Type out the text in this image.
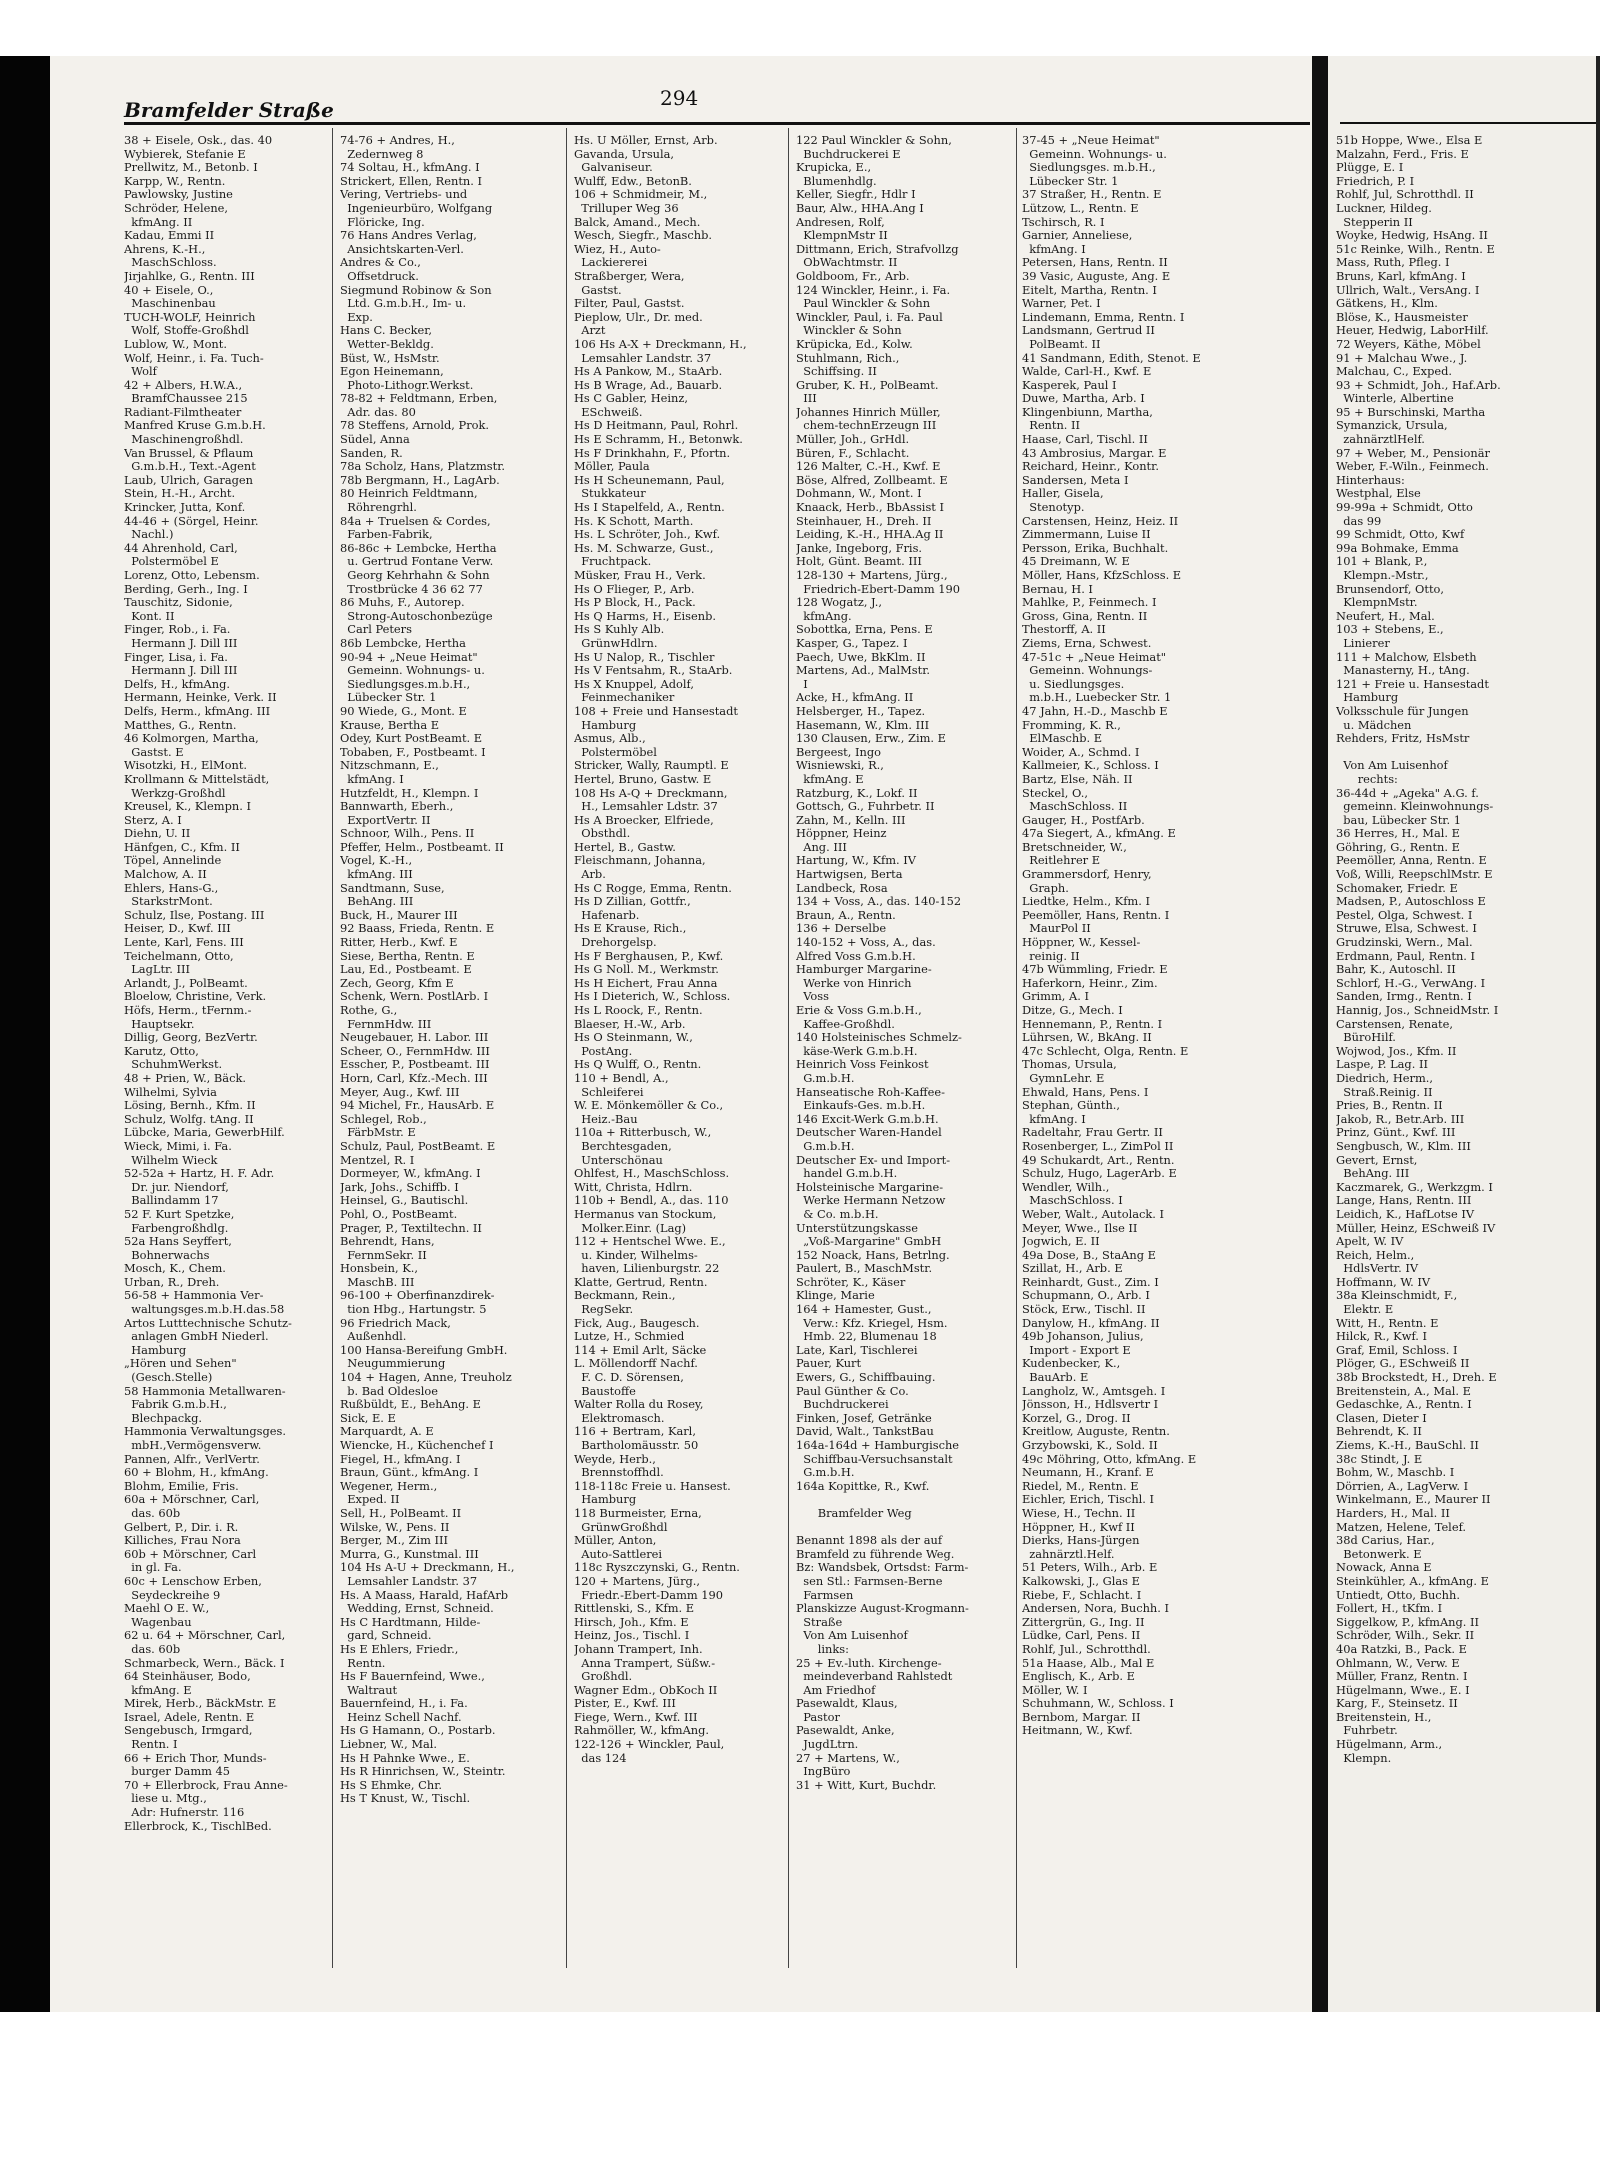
Bramfelder Straße	294
38 + Eisele, Osk., das. 40
Wybierek, Stefanie E
Prellwitz, M., Betonb. I
Karpp, W., Rentn.
Pawlowsky, Justine
Schröder, Helene,
kfmAng. II
Kadau, Emmi II
Ahrens, K.-H.,
MaschSchloss.
Jirjahlke, G., Rentn. III
40 + Eisele, O.,
Maschinenbau
TUCH-WOLF, Heinrich
Wolf, Stoffe-Großhdl
Lublow, W., Mont.
Wolf, Heinr., i. Fa. Tuch-
Wolf
42 + Albers, H.W.A.,
BramfChaussee 215
Radiant-Filmtheater
Manfred Kruse G.m.b.H.
Maschinengroßhdl.
Van Brussel, & Pflaum
G.m.b.H., Text.-Agent
Laub, Ulrich, Garagen
Stein, H.-H., Archt.
Krincker, Jutta, Konf.
44-46 + (Sörgel, Heinr.
Nachl.)
44 Ahrenhold, Carl,
Polstermöbel E
Lorenz, Otto, Lebensm.
Berding, Gerh., Ing. I
Tauschitz, Sidonie,
Kont. II
Finger, Rob., i. Fa.
Hermann J. Dill III
Finger, Lisa, i. Fa.
Hermann J. Dill III
Delfs, H., kfmAng.
Hermann, Heinke, Verk. II
Delfs, Herm., kfmAng. III
Matthes, G., Rentn.
46 Kolmorgen, Martha,
Gastst. E
Wisotzki, H., ElMont.
Krollmann & Mittelstädt,
Werkzg-Großhdl
Kreusel, K., Klempn. I
Sterz, A. I
Diehn, U. II
Hänfgen, C., Kfm. II
Töpel, Annelinde
Malchow, A. II
Ehlers, Hans-G.,
StarkstrMont.
Schulz, Ilse, Postang. III
Heiser, D., Kwf. III
Lente, Karl, Fens. III
Teichelmann, Otto,
LagLtr. III
Arlandt, J., PolBeamt.
Bloelow, Christine, Verk.
Höfs, Herm., tFernm.-
Hauptsekr.
Dillig, Georg, BezVertr.
Karutz, Otto,
SchuhmWerkst.
48 + Prien, W., Bäck.
Wilhelmi, Sylvia
Lösing, Bernh., Kfm. II
Schulz, Wolfg. tAng. II
Lübcke, Maria, GewerbHilf.
Wieck, Mimi, i. Fa.
Wilhelm Wieck
52-52a + Hartz, H. F. Adr.
Dr. jur. Niendorf,
Ballindamm 17
52 F. Kurt Spetzke,
Farbengroßhdlg.
52a Hans Seyffert,
Bohnerwachs
Mosch, K., Chem.
Urban, R., Dreh.
56-58 + Hammonia Ver-
waltungsges.m.b.H.das.58
Artos Lutttechnische Schutz-
anlagen GmbH Niederl.
Hamburg
„Hören und Sehen"
(Gesch.Stelle)
58 Hammonia Metallwaren-
Fabrik G.m.b.H.,
Blechpackg.
Hammonia Verwaltungsges.
mbH.,Vermögensverw.
Pannen, Alfr., VerlVertr.
60 + Blohm, H., kfmAng.
Blohm, Emilie, Fris.
60a + Mörschner, Carl,
das. 60b
Gelbert, P., Dir. i. R.
Killiches, Frau Nora
60b + Mörschner, Carl
in gl. Fa.
60c + Lenschow Erben,
Seydeckreihe 9
Maehl O E. W.,
Wagenbau
62 u. 64 + Mörschner, Carl,
das. 60b
Schmarbeck, Wern., Bäck. I
64 Steinhäuser, Bodo,
kfmAng. E
Mirek, Herb., BäckMstr. E
Israel, Adele, Rentn. E
Sengebusch, Irmgard,
Rentn. I
66 + Erich Thor, Munds-
burger Damm 45
70 + Ellerbrock, Frau Anne-
liese u. Mtg.,
Adr: Hufnerstr. 116
Ellerbrock, K., TischlBed.
74-76 + Andres, H.,
Zedernweg 8
74 Soltau, H., kfmAng. I
Strickert, Ellen, Rentn. I
Vering, Vertriebs- und
Ingenieurbüro, Wolfgang
Flöricke, Ing.
76 Hans Andres Verlag,
Ansichtskarten-Verl.
Andres & Co.,
Offsetdruck.
Siegmund Robinow & Son
Ltd. G.m.b.H., Im- u.
Exp.
Hans C. Becker,
Wetter-Bekldg.
Büst, W., HsMstr.
Egon Heinemann,
Photo-Lithogr.Werkst.
78-82 + Feldtmann, Erben,
Adr. das. 80
78 Steffens, Arnold, Prok.
Südel, Anna
Sanden, R.
78a Scholz, Hans, Platzmstr.
78b Bergmann, H., LagArb.
80 Heinrich Feldtmann,
Röhrengrhl.
84a + Truelsen & Cordes,
Farben-Fabrik,
86-86c + Lembcke, Hertha
u. Gertrud Fontane Verw.
Georg Kehrhahn & Sohn
Trostbrücke 4 36 62 77
86 Muhs, F., Autorep.
Strong-Autoschonbezüge
Carl Peters
86b Lembcke, Hertha
90-94 + „Neue Heimat"
Gemeinn. Wohnungs- u.
Siedlungsges.m.b.H.,
Lübecker Str. 1
90 Wiede, G., Mont. E
Krause, Bertha E
Odey, Kurt PostBeamt. E
Tobaben, F., Postbeamt. I
Nitzschmann, E.,
kfmAng. I
Hutzfeldt, H., Klempn. I
Bannwarth, Eberh.,
ExportVertr. II
Schnoor, Wilh., Pens. II
Pfeffer, Helm., Postbeamt. II
Vogel, K.-H.,
kfmAng. III
Sandtmann, Suse,
BehAng. III
Buck, H., Maurer III
92 Baass, Frieda, Rentn. E
Ritter, Herb., Kwf. E
Siese, Bertha, Rentn. E
Lau, Ed., Postbeamt. E
Zech, Georg, Kfm E
Schenk, Wern. PostlArb. I
Rothe, G.,
FernmHdw. III
Neugebauer, H. Labor. III
Scheer, O., FernmHdw. III
Esscher, P., Postbeamt. III
Horn, Carl, Kfz.-Mech. III
Meyer, Aug., Kwf. III
94 Michel, Fr., HausArb. E
Schlegel, Rob.,
FärbMstr. E
Schulz, Paul, PostBeamt. E
Mentzel, R. I
Dormeyer, W., kfmAng. I
Jark, Johs., Schiffb. I
Heinsel, G., Bautischl.
Pohl, O., PostBeamt.
Prager, P., Textiltechn. II
Behrendt, Hans,
FernmSekr. II
Honsbein, K.,
MaschB. III
96-100 + Oberfinanzdirek-
tion Hbg., Hartungstr. 5
96 Friedrich Mack,
Außenhdl.
100 Hansa-Bereifung GmbH.
Neugummierung
104 + Hagen, Anne, Treuholz
b. Bad Oldesloe
Rußbüldt, E., BehAng. E
Sick, E. E
Marquardt, A. E
Wiencke, H., Küchenchef I
Fiegel, H., kfmAng. I
Braun, Günt., kfmAng. I
Wegener, Herm.,
Exped. II
Sell, H., PolBeamt. II
Wilske, W., Pens. II
Berger, M., Zim III
Murra, G., Kunstmal. III
104 Hs A-U + Dreckmann, H.,
Lemsahler Landstr. 37
Hs. A Maass, Harald, HafArb
Wedding, Ernst, Schneid.
Hs C Hardtmann, Hilde-
gard, Schneid.
Hs E Ehlers, Friedr.,
Rentn.
Hs F Bauernfeind, Wwe.,
Waltraut
Bauernfeind, H., i. Fa.
Heinz Schell Nachf.
Hs G Hamann, O., Postarb.
Liebner, W., Mal.
Hs H Pahnke Wwe., E.
Hs R Hinrichsen, W., Steintr.
Hs S Ehmke, Chr.
Hs T Knust, W., Tischl.
Hs. U Möller, Ernst, Arb.
Gavanda, Ursula,
Galvaniseur.
Wulff, Edw., BetonB.
106 + Schmidmeir, M.,
Trilluper Weg 36
Balck, Amand., Mech.
Wesch, Siegfr., Maschb.
Wiez, H., Auto-
Lackiererei
Straßberger, Wera,
Gastst.
Filter, Paul, Gastst.
Pieplow, Ulr., Dr. med.
Arzt
106 Hs A-X + Dreckmann, H.,
Lemsahler Landstr. 37
Hs A Pankow, M., StaArb.
Hs B Wrage, Ad., Bauarb.
Hs C Gabler, Heinz,
ESchweiß.
Hs D Heitmann, Paul, Rohrl.
Hs E Schramm, H., Betonwk.
Hs F Drinkhahn, F., Pfortn.
Möller, Paula
Hs H Scheunemann, Paul,
Stukkateur
Hs I Stapelfeld, A., Rentn.
Hs. K Schott, Marth.
Hs. L Schröter, Joh., Kwf.
Hs. M. Schwarze, Gust.,
Fruchtpack.
Müsker, Frau H., Verk.
Hs O Flieger, P., Arb.
Hs P Block, H., Pack.
Hs Q Harms, H., Eisenb.
Hs S Kuhly Alb.
GrünwHdlrn.
Hs U Nalop, R., Tischler
Hs V Fentsahm, R., StaArb.
Hs X Knuppel, Adolf,
Feinmechaniker
108 + Freie und Hansestadt
Hamburg
Asmus, Alb.,
Polstermöbel
Stricker, Wally, Raumptl. E
Hertel, Bruno, Gastw. E
108 Hs A-Q + Dreckmann,
H., Lemsahler Ldstr. 37
Hs A Broecker, Elfriede,
Obsthdl.
Hertel, B., Gastw.
Fleischmann, Johanna,
Arb.
Hs C Rogge, Emma, Rentn.
Hs D Zillian, Gottfr.,
Hafenarb.
Hs E Krause, Rich.,
Drehorgelsp.
Hs F Berghausen, P., Kwf.
Hs G Noll. M., Werkmstr.
Hs H Eichert, Frau Anna
Hs I Dieterich, W., Schloss.
Hs L Roock, F., Rentn.
Blaeser, H.-W., Arb.
Hs O Steinmann, W.,
PostAng.
Hs Q Wulff, O., Rentn.
110 + Bendl, A.,
Schleiferei
W. E. Mönkemöller & Co.,
Heiz.-Bau
110a + Ritterbusch, W.,
Berchtesgaden,
Unterschönau
Ohlfest, H., MaschSchloss.
Witt, Christa, Hdlrn.
110b + Bendl, A., das. 110
Hermanus van Stockum,
Molker.Einr. (Lag)
112 + Hentschel Wwe. E.,
u. Kinder, Wilhelms-
haven, Lilienburgstr. 22
Klatte, Gertrud, Rentn.
Beckmann, Rein.,
RegSekr.
Fick, Aug., Baugesch.
Lutze, H., Schmied
114 + Emil Arlt, Säcke
L. Möllendorff Nachf.
F. C. D. Sörensen,
Baustoffe
Walter Rolla du Rosey,
Elektromasch.
116 + Bertram, Karl,
Bartholomäusstr. 50
Weyde, Herb.,
Brennstoffhdl.
118-118c Freie u. Hansest.
Hamburg
118 Burmeister, Erna,
GrünwGroßhdl
Müller, Anton,
Auto-Sattlerei
118c Ryszczynski, G., Rentn.
120 + Martens, Jürg.,
Friedr.-Ebert-Damm 190
Rittlenski, S., Kfm. E
Hirsch, Joh., Kfm. E
Heinz, Jos., Tischl. I
Johann Trampert, Inh.
Anna Trampert, Süßw.-
Großhdl.
Wagner Edm., ObKoch II
Pister, E., Kwf. III
Fiege, Wern., Kwf. III
Rahmöller, W., kfmAng.
122-126 + Winckler, Paul,
das 124
122 Paul Winckler & Sohn,
Buchdruckerei E
Krupicka, E.,
Blumenhdlg.
Keller, Siegfr., Hdlr I
Baur, Alw., HHA.Ang I
Andresen, Rolf,
KlempnMstr II
Dittmann, Erich, Strafvollzg
ObWachtmstr. II
Goldboom, Fr., Arb.
124 Winckler, Heinr., i. Fa.
Paul Winckler & Sohn
Winckler, Paul, i. Fa. Paul
Winckler & Sohn
Krüpicka, Ed., Kolw.
Stuhlmann, Rich.,
Schiffsing. II
Gruber, K. H., PolBeamt.
III
Johannes Hinrich Müller,
chem-technErzeugn III
Müller, Joh., GrHdl.
Büren, F., Schlacht.
126 Malter, C.-H., Kwf. E
Böse, Alfred, Zollbeamt. E
Dohmann, W., Mont. I
Knaack, Herb., BbAssist I
Steinhauer, H., Dreh. II
Leiding, K.-H., HHA.Ag II
Janke, Ingeborg, Fris.
Holt, Günt. Beamt. III
128-130 + Martens, Jürg.,
Friedrich-Ebert-Damm 190
128 Wogatz, J.,
kfmAng.
Sobottka, Erna, Pens. E
Kasper, G., Tapez. I
Paech, Uwe, BkKlm. II
Martens, Ad., MalMstr.
I
Acke, H., kfmAng. II
Helsberger, H., Tapez.
Hasemann, W., Klm. III
130 Clausen, Erw., Zim. E
Bergeest, Ingo
Wisniewski, R.,
kfmAng. E
Ratzburg, K., Lokf. II
Gottsch, G., Fuhrbetr. II
Zahn, M., Kelln. III
Höppner, Heinz
Ang. III
Hartung, W., Kfm. IV
Hartwigsen, Berta
Landbeck, Rosa
134 + Voss, A., das. 140-152
Braun, A., Rentn.
136 + Derselbe
140-152 + Voss, A., das.
Alfred Voss G.m.b.H.
Hamburger Margarine-
Werke von Hinrich
Voss
Erie & Voss G.m.b.H.,
Kaffee-Großhdl.
140 Holsteinisches Schmelz-
käse-Werk G.m.b.H.
Heinrich Voss Feinkost
G.m.b.H.
Hanseatische Roh-Kaffee-
Einkaufs-Ges. m.b.H.
146 Excit-Werk G.m.b.H.
Deutscher Waren-Handel
G.m.b.H.
Deutscher Ex- und Import-
handel G.m.b.H.
Holsteinische Margarine-
Werke Hermann Netzow
& Co. m.b.H.
Unterstützungskasse
„Voß-Margarine" GmbH
152 Noack, Hans, Betrlng.
Paulert, B., MaschMstr.
Schröter, K., Käser
Klinge, Marie
164 + Hamester, Gust.,
Verw.: Kfz. Kriegel, Hsm.
Hmb. 22, Blumenau 18
Late, Karl, Tischlerei
Pauer, Kurt
Ewers, G., Schiffbauing.
Paul Günther & Co.
Buchdruckerei
Finken, Josef, Getränke
David, Walt., TankstBau
164a-164d + Hamburgische
Schiffbau-Versuchsanstalt
G.m.b.H.
164a Kopittke, R., Kwf.

Bramfelder Weg

Benannt 1898 als der auf
Bramfeld zu führende Weg.
Bz: Wandsbek, Ortsdst: Farm-
sen Stl.: Farmsen-Berne
Farmsen
Planskizze August-Krogmann-
Straße
Von Am Luisenhof
links:
25 + Ev.-luth. Kirchenge-
meindeverband Rahlstedt
Am Friedhof
Pasewaldt, Klaus,
Pastor
Pasewaldt, Anke,
JugdLtrn.
27 + Martens, W.,
IngBüro
31 + Witt, Kurt, Buchdr.
37-45 + „Neue Heimat"
Gemeinn. Wohnungs- u.
Siedlungsges. m.b.H.,
Lübecker Str. 1
37 Straßer, H., Rentn. E
Lützow, L., Rentn. E
Tschirsch, R. I
Garnier, Anneliese,
kfmAng. I
Petersen, Hans, Rentn. II
39 Vasic, Auguste, Ang. E
Eitelt, Martha, Rentn. I
Warner, Pet. I
Lindemann, Emma, Rentn. I
Landsmann, Gertrud II
PolBeamt. II
41 Sandmann, Edith, Stenot. E
Walde, Carl-H., Kwf. E
Kasperek, Paul I
Duwe, Martha, Arb. I
Klingenbiunn, Martha,
Rentn. II
Haase, Carl, Tischl. II
43 Ambrosius, Margar. E
Reichard, Heinr., Kontr.
Sandersen, Meta I
Haller, Gisela,
Stenotyp.
Carstensen, Heinz, Heiz. II
Zimmermann, Luise II
Persson, Erika, Buchhalt.
45 Dreimann, W. E
Möller, Hans, KfzSchloss. E
Bernau, H. I
Mahlke, P., Feinmech. I
Gross, Gina, Rentn. II
Thestorff, A. II
Ziems, Erna, Schwest.
47-51c + „Neue Heimat"
Gemeinn. Wohnungs-
u. Siedlungsges.
m.b.H., Luebecker Str. 1
47 Jahn, H.-D., Maschb E
Fromming, K. R.,
ElMaschb. E
Woider, A., Schmd. I
Kallmeier, K., Schloss. I
Bartz, Else, Näh. II
Steckel, O.,
MaschSchloss. II
Gauger, H., PostfArb.
47a Siegert, A., kfmAng. E
Bretschneider, W.,
Reitlehrer E
Grammersdorf, Henry,
Graph.
Liedtke, Helm., Kfm. I
Peemöller, Hans, Rentn. I
MaurPol II
Höppner, W., Kessel-
reinig. II
47b Wümmling, Friedr. E
Haferkorn, Heinr., Zim.
Grimm, A. I
Ditze, G., Mech. I
Hennemann, P., Rentn. I
Lührsen, W., BkAng. II
47c Schlecht, Olga, Rentn. E
Thomas, Ursula,
GymnLehr. E
Ehwald, Hans, Pens. I
Stephan, Günth.,
kfmAng. I
Radeltahr, Frau Gertr. II
Rosenberger, L., ZimPol II
49 Schukardt, Art., Rentn.
Schulz, Hugo, LagerArb. E
Wendler, Wilh.,
MaschSchloss. I
Weber, Walt., Autolack. I
Meyer, Wwe., Ilse II
Jogwich, E. II
49a Dose, B., StaAng E
Szillat, H., Arb. E
Reinhardt, Gust., Zim. I
Schupmann, O., Arb. I
Stöck, Erw., Tischl. II
Danylow, H., kfmAng. II
49b Johanson, Julius,
Import - Export E
Kudenbecker, K.,
BauArb. E
Langholz, W., Amtsgeh. I
Jönsson, H., Hdlsvertr I
Korzel, G., Drog. II
Kreitlow, Auguste, Rentn.
Grzybowski, K., Sold. II
49c Möhring, Otto, kfmAng. E
Neumann, H., Kranf. E
Riedel, M., Rentn. E
Eichler, Erich, Tischl. I
Wiese, H., Techn. II
Höppner, H., Kwf II
Dierks, Hans-Jürgen
zahnärztl.Helf.
51 Peters, Wilh., Arb. E
Kalkowski, J., Glas E
Riebe, F., Schlacht. I
Andersen, Nora, Buchh. I
Zittergrün, G., Ing. II
Lüdke, Carl, Pens. II
Rohlf, Jul., Schrotthdl.
51a Haase, Alb., Mal E
Englisch, K., Arb. E
Möller, W. I
Schuhmann, W., Schloss. I
Bernbom, Margar. II
Heitmann, W., Kwf.
51b Hoppe, Wwe., Elsa E
Malzahn, Ferd., Fris. E
Plügge, E. I
Friedrich, P. I
Rohlf, Jul, Schrotthdl. II
Luckner, Hildeg.
Stepperin II
Woyke, Hedwig, HsAng. II
51c Reinke, Wilh., Rentn. E
Mass, Ruth, Pfleg. I
Bruns, Karl, kfmAng. I
Ullrich, Walt., VersAng. I
Gätkens, H., Klm.
Blöse, K., Hausmeister
Heuer, Hedwig, LaborHilf.
72 Weyers, Käthe, Möbel
91 + Malchau Wwe., J.
Malchau, C., Exped.
93 + Schmidt, Joh., Haf.Arb.
Winterle, Albertine
95 + Burschinski, Martha
Symanzick, Ursula,
zahnärztlHelf.
97 + Weber, M., Pensionär
Weber, F.-Wiln., Feinmech.
Hinterhaus:
Westphal, Else
99-99a + Schmidt, Otto
das 99
99 Schmidt, Otto, Kwf
99a Bohmake, Emma
101 + Blank, P.,
Klempn.-Mstr.,
Brunsendorf, Otto,
KlempnMstr.
Neufert, H., Mal.
103 + Stebens, E.,
Linierer
111 + Malchow, Elsbeth
Manasterny, H., tAng.
121 + Freie u. Hansestadt
Hamburg
Volksschule für Jungen
u. Mädchen
Rehders, Fritz, HsMstr

Von Am Luisenhof
rechts:
36-44d + „Ageka" A.G. f.
gemeinn. Kleinwohnungs-
bau, Lübecker Str. 1
36 Herres, H., Mal. E
Göhring, G., Rentn. E
Peemöller, Anna, Rentn. E
Voß, Willi, ReepschlMstr. E
Schomaker, Friedr. E
Madsen, P., Autoschloss E
Pestel, Olga, Schwest. I
Struwe, Elsa, Schwest. I
Grudzinski, Wern., Mal.
Erdmann, Paul, Rentn. I
Bahr, K., Autoschl. II
Schlorf, H.-G., VerwAng. I
Sanden, Irmg., Rentn. I
Hannig, Jos., SchneidMstr. I
Carstensen, Renate,
BüroHilf.
Wojwod, Jos., Kfm. II
Laspe, P. Lag. II
Diedrich, Herm.,
Straß.Reinig. II
Pries, B., Rentn. II
Jakob, R., Betr.Arb. III
Prinz, Günt., Kwf. III
Sengbusch, W., Klm. III
Gevert, Ernst,
BehAng. III
Kaczmarek, G., Werkzgm. I
Lange, Hans, Rentn. III
Leidich, K., HafLotse IV
Müller, Heinz, ESchweiß IV
Apelt, W. IV
Reich, Helm.,
HdlsVertr. IV
Hoffmann, W. IV
38a Kleinschmidt, F.,
Elektr. E
Witt, H., Rentn. E
Hilck, R., Kwf. I
Graf, Emil, Schloss. I
Plöger, G., ESchweiß II
38b Brockstedt, H., Dreh. E
Breitenstein, A., Mal. E
Gedaschke, A., Rentn. I
Clasen, Dieter I
Behrendt, K. II
Ziems, K.-H., BauSchl. II
38c Stindt, J. E
Bohm, W., Maschb. I
Dörrien, A., LagVerw. I
Winkelmann, E., Maurer II
Harders, H., Mal. II
Matzen, Helene, Telef.
38d Carius, Har.,
Betonwerk. E
Nowack, Anna E
Steinkühler, A., kfmAng. E
Untiedt, Otto, Buchh.
Follert, H., tKfm. I
Siggelkow, P., kfmAng. II
Schröder, Wilh., Sekr. II
40a Ratzki, B., Pack. E
Ohlmann, W., Verw. E
Müller, Franz, Rentn. I
Hügelmann, Wwe., E. I
Karg, F., Steinsetz. II
Breitenstein, H.,
Fuhrbetr.
Hügelmann, Arm.,
Klempn.
